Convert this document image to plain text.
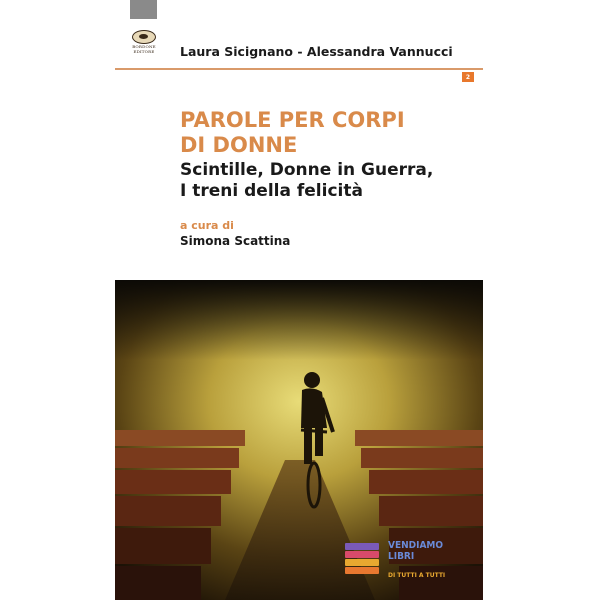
BORDONE
EDITORE Laura Sicignano - Alessandra Vannucci
2
PAROLE PER CORPI
DI DONNE
Scintille, Donne in Guerra,
I treni della felicità
a cura di
Simona Scattina
VENDIAMO
LIBRI
DI TUTTI A TUTTI
